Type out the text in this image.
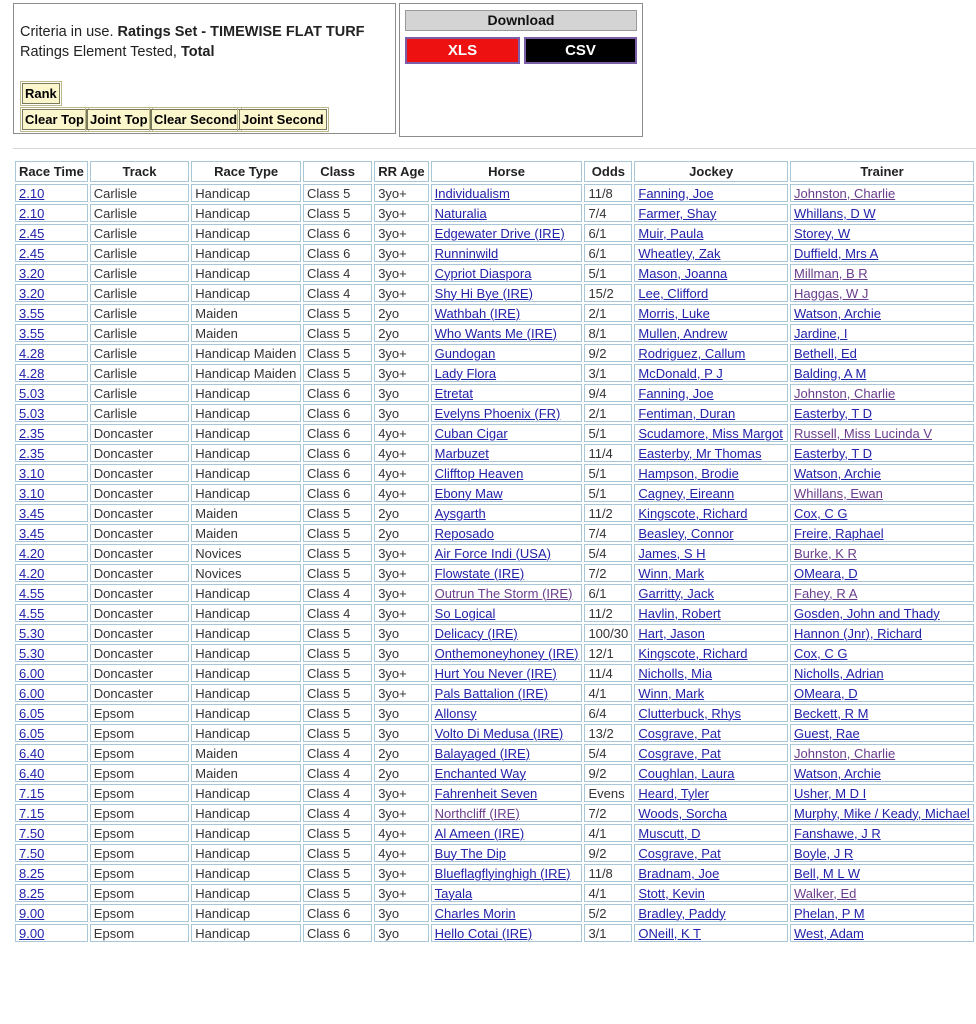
Criteria in use. Ratings Set - TIMEWISE FLAT TURF
Ratings Element Tested, Total
Rank
Clear Top Joint Top Clear Second Joint Second
Download
XLS	CSV
Race Time	Track	Race Type	Class	RR Age	Horse	Odds	Jockey	Trainer
2.10	Carlisle	Handicap	Class 5	3yo+	Individualism	11/8	Fanning, Joe	Johnston, Charlie
2.10	Carlisle	Handicap	Class 5	3yo+	Naturalia	7/4	Farmer, Shay	Whillans, D W
2.45	Carlisle	Handicap	Class 6	3yo+	Edgewater Drive (IRE)	6/1	Muir, Paula	Storey, W
2.45	Carlisle	Handicap	Class 6	3yo+	Runninwild	6/1	Wheatley, Zak	Duffield, Mrs A
3.20	Carlisle	Handicap	Class 4	3yo+	Cypriot Diaspora	5/1	Mason, Joanna	Millman, B R
3.20	Carlisle	Handicap	Class 4	3yo+	Shy Hi Bye (IRE)	15/2	Lee, Clifford	Haggas, W J
3.55	Carlisle	Maiden	Class 5	2yo	Wathbah (IRE)	2/1	Morris, Luke	Watson, Archie
3.55	Carlisle	Maiden	Class 5	2yo	Who Wants Me (IRE)	8/1	Mullen, Andrew	Jardine, I
4.28	Carlisle	Handicap Maiden	Class 5	3yo+	Gundogan	9/2	Rodriguez, Callum	Bethell, Ed
4.28	Carlisle	Handicap Maiden	Class 5	3yo+	Lady Flora	3/1	McDonald, P J	Balding, A M
5.03	Carlisle	Handicap	Class 6	3yo	Etretat	9/4	Fanning, Joe	Johnston, Charlie
5.03	Carlisle	Handicap	Class 6	3yo	Evelyns Phoenix (FR)	2/1	Fentiman, Duran	Easterby, T D
2.35	Doncaster	Handicap	Class 6	4yo+	Cuban Cigar	5/1	Scudamore, Miss Margot	Russell, Miss Lucinda V
2.35	Doncaster	Handicap	Class 6	4yo+	Marbuzet	11/4	Easterby, Mr Thomas	Easterby, T D
3.10	Doncaster	Handicap	Class 6	4yo+	Clifftop Heaven	5/1	Hampson, Brodie	Watson, Archie
3.10	Doncaster	Handicap	Class 6	4yo+	Ebony Maw	5/1	Cagney, Eireann	Whillans, Ewan
3.45	Doncaster	Maiden	Class 5	2yo	Aysgarth	11/2	Kingscote, Richard	Cox, C G
3.45	Doncaster	Maiden	Class 5	2yo	Reposado	7/4	Beasley, Connor	Freire, Raphael
4.20	Doncaster	Novices	Class 5	3yo+	Air Force Indi (USA)	5/4	James, S H	Burke, K R
4.20	Doncaster	Novices	Class 5	3yo+	Flowstate (IRE)	7/2	Winn, Mark	OMeara, D
4.55	Doncaster	Handicap	Class 4	3yo+	Outrun The Storm (IRE)	6/1	Garritty, Jack	Fahey, R A
4.55	Doncaster	Handicap	Class 4	3yo+	So Logical	11/2	Havlin, Robert	Gosden, John and Thady
5.30	Doncaster	Handicap	Class 5	3yo	Delicacy (IRE)	100/30	Hart, Jason	Hannon (Jnr), Richard
5.30	Doncaster	Handicap	Class 5	3yo	Onthemoneyhoney (IRE)	12/1	Kingscote, Richard	Cox, C G
6.00	Doncaster	Handicap	Class 5	3yo+	Hurt You Never (IRE)	11/4	Nicholls, Mia	Nicholls, Adrian
6.00	Doncaster	Handicap	Class 5	3yo+	Pals Battalion (IRE)	4/1	Winn, Mark	OMeara, D
6.05	Epsom	Handicap	Class 5	3yo	Allonsy	6/4	Clutterbuck, Rhys	Beckett, R M
6.05	Epsom	Handicap	Class 5	3yo	Volto Di Medusa (IRE)	13/2	Cosgrave, Pat	Guest, Rae
6.40	Epsom	Maiden	Class 4	2yo	Balayaged (IRE)	5/4	Cosgrave, Pat	Johnston, Charlie
6.40	Epsom	Maiden	Class 4	2yo	Enchanted Way	9/2	Coughlan, Laura	Watson, Archie
7.15	Epsom	Handicap	Class 4	3yo+	Fahrenheit Seven	Evens	Heard, Tyler	Usher, M D I
7.15	Epsom	Handicap	Class 4	3yo+	Northcliff (IRE)	7/2	Woods, Sorcha	Murphy, Mike / Keady, Michael
7.50	Epsom	Handicap	Class 5	4yo+	Al Ameen (IRE)	4/1	Muscutt, D	Fanshawe, J R
7.50	Epsom	Handicap	Class 5	4yo+	Buy The Dip	9/2	Cosgrave, Pat	Boyle, J R
8.25	Epsom	Handicap	Class 5	3yo+	Blueflagflyinghigh (IRE)	11/8	Bradnam, Joe	Bell, M L W
8.25	Epsom	Handicap	Class 5	3yo+	Tayala	4/1	Stott, Kevin	Walker, Ed
9.00	Epsom	Handicap	Class 6	3yo	Charles Morin	5/2	Bradley, Paddy	Phelan, P M
9.00	Epsom	Handicap	Class 6	3yo	Hello Cotai (IRE)	3/1	ONeill, K T	West, Adam
